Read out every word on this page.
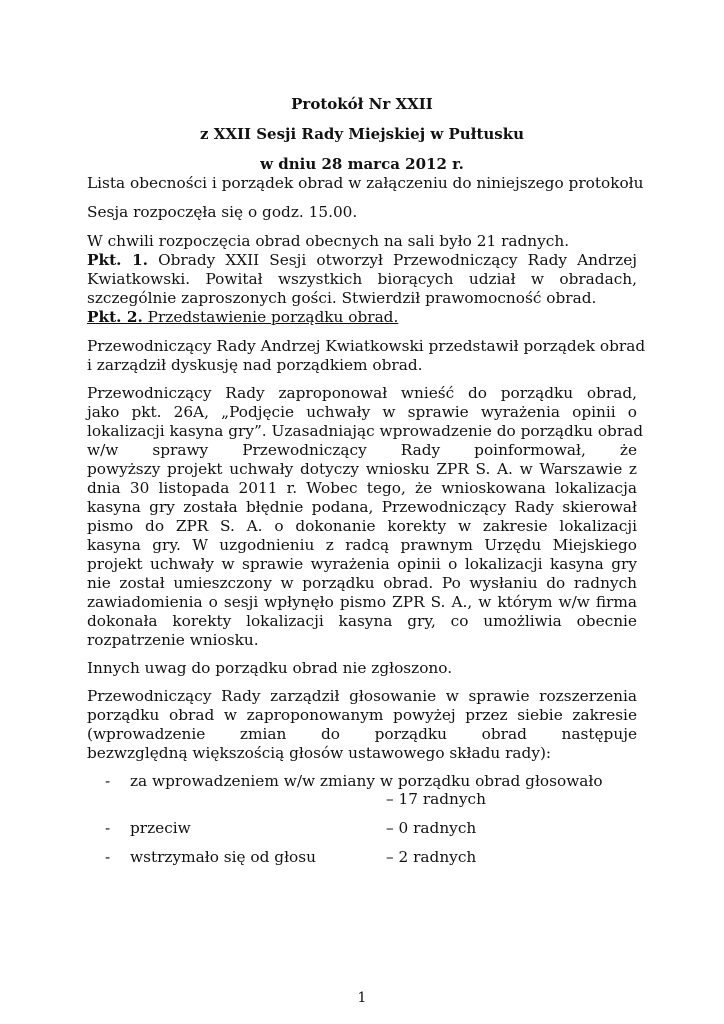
Protokół Nr XXII
z XXII Sesji Rady Miejskiej w Pułtusku
w dniu 28 marca 2012 r.
Lista obecności i porządek obrad w załączeniu do niniejszego protokołu
Sesja rozpoczęła się o godz. 15.00.
W chwili rozpoczęcia obrad obecnych na sali było 21 radnych.
Pkt. 1. Obrady XXII Sesji otworzył Przewodniczący Rady Andrzej
Kwiatkowski. Powitał wszystkich biorących udział w obradach,
szczególnie zaproszonych gości. Stwierdził prawomocność obrad.
Pkt. 2. Przedstawienie porządku obrad.
Przewodniczący Rady Andrzej Kwiatkowski przedstawił porządek obrad
i zarządził dyskusję nad porządkiem obrad.
Przewodniczący Rady zaproponował wnieść do porządku obrad,
jako pkt. 26A, „Podjęcie uchwały w sprawie wyrażenia opinii o
lokalizacji kasyna gry”. Uzasadniając wprowadzenie do porządku obrad
w/w sprawy Przewodniczący Rady poinformował, że
powyższy projekt uchwały dotyczy wniosku ZPR S. A. w Warszawie z
dnia 30 listopada 2011 r. Wobec tego, że wnioskowana lokalizacja
kasyna gry została błędnie podana, Przewodniczący Rady skierował
pismo do ZPR S. A. o dokonanie korekty w zakresie lokalizacji
kasyna gry. W uzgodnieniu z radcą prawnym Urzędu Miejskiego
projekt uchwały w sprawie wyrażenia opinii o lokalizacji kasyna gry
nie został umieszczony w porządku obrad. Po wysłaniu do radnych
zawiadomienia o sesji wpłynęło pismo ZPR S. A., w którym w/w firma
dokonała korekty lokalizacji kasyna gry, co umożliwia obecnie
rozpatrzenie wniosku.
Innych uwag do porządku obrad nie zgłoszono.
Przewodniczący Rady zarządził głosowanie w sprawie rozszerzenia
porządku obrad w zaproponowanym powyżej przez siebie zakresie
(wprowadzenie zmian do porządku obrad następuje
bezwzględną większością głosów ustawowego składu rady):
- za wprowadzeniem w/w zmiany w porządku obrad głosowało
– 17 radnych
- przeciw	– 0 radnych
- wstrzymało się od głosu	– 2 radnych
1
